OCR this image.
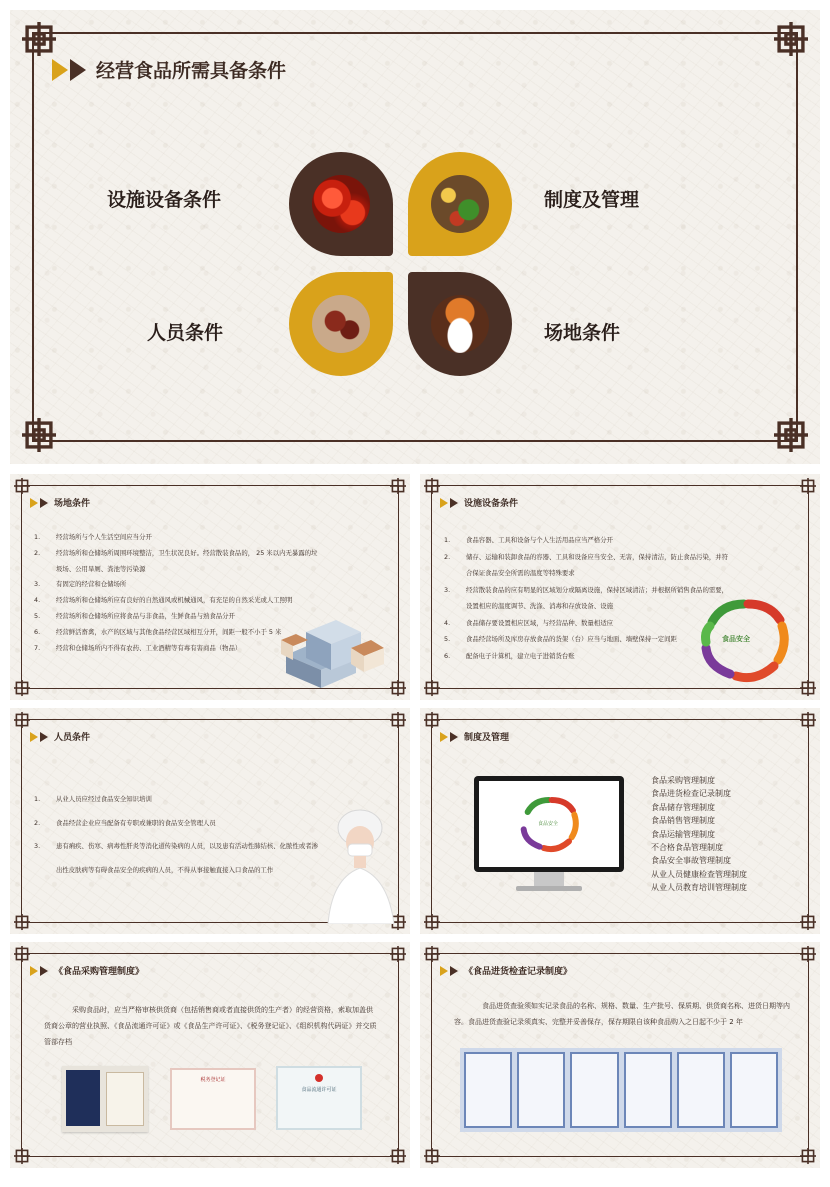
经营食品所需具备条件
设施设备条件	制度及管理
人员条件	场地条件
场地条件
1.	经营场所与个人生活空间应当分开
2.	经营场所和仓储场所周围环境整洁，卫生状况良好。经营散装食品的， 25 米以内无暴露的垃
圾场、公用旱厕、粪池等污染源
3.	有固定的经营和仓储场所
4.	经营场所和仓储场所应有良好的自然通风或机械通风，有充足的自然采光或人工照明
5.	经营场所和仓储场所应将食品与非食品，生鲜食品与熟食品分开
6.	经营鲜活畜禽，水产的区域与其他食品经营区域相互分开，间距一般不小于 5 米
7.	经营和仓储场所内不得有农药、工业酒精等有毒有害商品（物品）
设施设备条件
1.	食品容器、工具和设备与个人生活用品应当严格分开
2.	储存、运输和装卸食品的容器、工具和设备应当安全、无害，保持清洁，防止食品污染，并符
合保证食品安全所需的温度等特殊要求
3.	经营散装食品的应有明显的区域划分或隔离设施，保持区域清洁；并根据所销售食品的需要，
设置相应的温度调节、洗涤、消毒和存放设备、设施
4.	食品储存要设置相应区域，与经营品种、数量相适应
5.	食品经营场所及库房存放食品的货架（台）应当与地面、墙壁保持一定间距
6.	配备电子计算机，建立电子进销货台账
食品安全
人员条件
1.	从业人员应经过食品安全知识培训
2.	食品经营企业应当配备有专职或兼职的食品安全管理人员
3.	患有痢疾、伤寒、病毒性肝炎等消化道传染病的人员，以及患有活动性肺结核、化脓性或者渗
出性皮肤病等有碍食品安全的疾病的人员，不得从事接触直接入口食品的工作
制度及管理
食品安全
食品采购管理制度
食品进货检查记录制度
食品储存管理制度
食品销售管理制度
食品运输管理制度
不合格食品管理制度
食品安全事故管理制度
从业人员健康检查管理制度
从业人员教育培训管理制度
《食品采购管理制度》
采购食品时，应当严格审核供货商（包括销售商或者直接供货的生产者）的经营资格，索取加盖供货商公章的营业执照、《食品流通许可证》或《食品生产许可证》、《税务登记证》、《组织机构代码证》并交质管部存档
税务登记证
食品流通许可证
《食品进货检查记录制度》
食品进货查验须如实记录食品的名称、规格、数量、生产批号、保质期、供货商名称、进货日期等内容。食品进货查验记录须真实、完整并妥善保存，保存期限自该种食品购入之日起不少于 2 年
